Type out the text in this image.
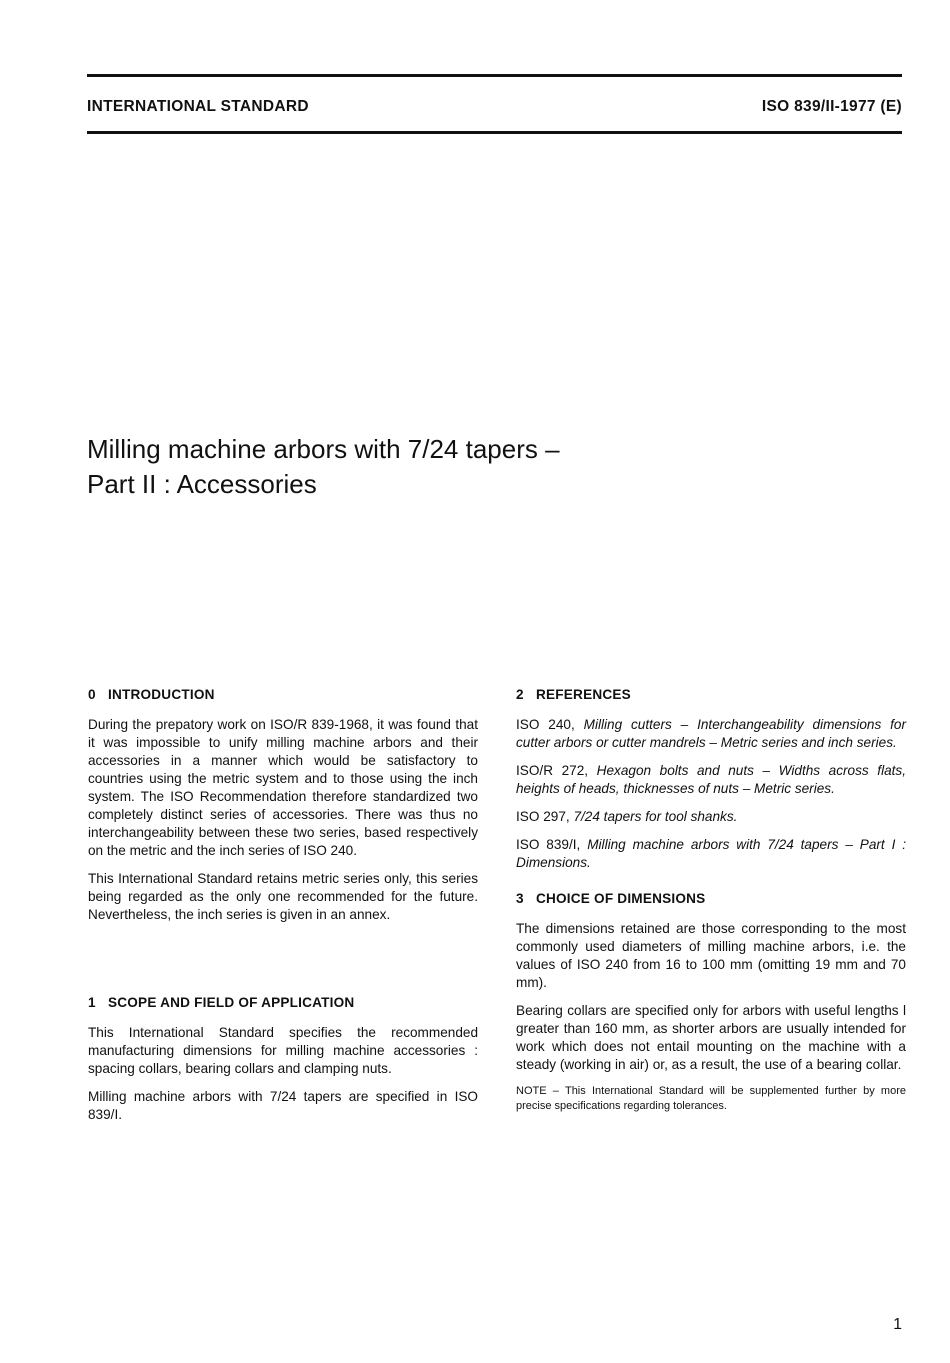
INTERNATIONAL STANDARD	ISO 839/II-1977 (E)
Milling machine arbors with 7/24 tapers –
Part II : Accessories
0 INTRODUCTION

During the prepatory work on ISO/R 839-1968, it was found that it was impossible to unify milling machine arbors and their accessories in a manner which would be satisfactory to countries using the metric system and to those using the inch system. The ISO Recommendation therefore standardized two completely distinct series of accessories. There was thus no interchangeability between these two series, based respectively on the metric and the inch series of ISO 240.

This International Standard retains metric series only, this series being regarded as the only one recommended for the future. Nevertheless, the inch series is given in an annex.

1 SCOPE AND FIELD OF APPLICATION

This International Standard specifies the recommended manufacturing dimensions for milling machine accessories : spacing collars, bearing collars and clamping nuts.

Milling machine arbors with 7/24 tapers are specified in ISO 839/I.

2 REFERENCES

ISO 240, Milling cutters – Interchangeability dimensions for cutter arbors or cutter mandrels – Metric series and inch series.

ISO/R 272, Hexagon bolts and nuts – Widths across flats, heights of heads, thicknesses of nuts – Metric series.

ISO 297, 7/24 tapers for tool shanks.

ISO 839/I, Milling machine arbors with 7/24 tapers – Part I : Dimensions.

3 CHOICE OF DIMENSIONS

The dimensions retained are those corresponding to the most commonly used diameters of milling machine arbors, i.e. the values of ISO 240 from 16 to 100 mm (omitting 19 mm and 70 mm).

Bearing collars are specified only for arbors with useful lengths l greater than 160 mm, as shorter arbors are usually intended for work which does not entail mounting on the machine with a steady (working in air) or, as a result, the use of a bearing collar.

NOTE – This International Standard will be supplemented further by more precise specifications regarding tolerances.

1
